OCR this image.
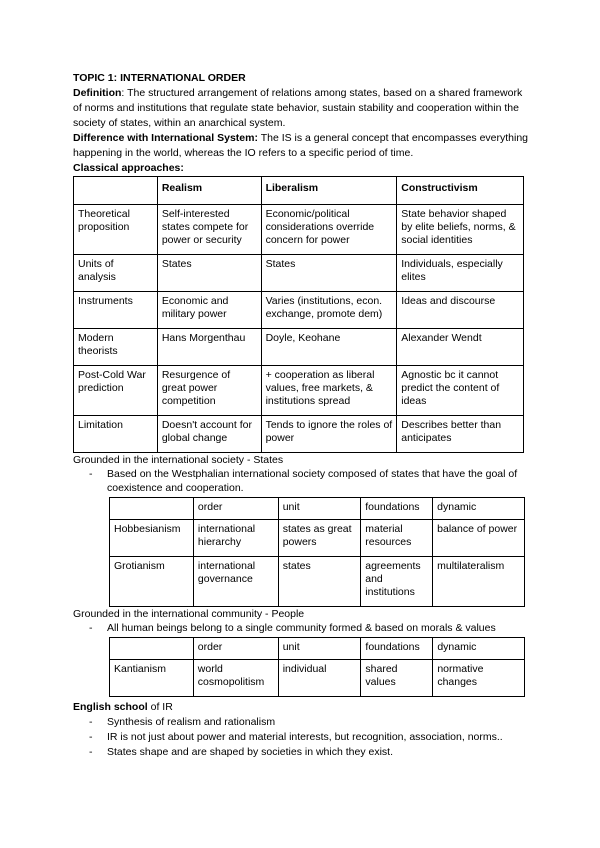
TOPIC 1: INTERNATIONAL ORDER

Definition: The structured arrangement of relations among states, based on a shared framework of norms and institutions that regulate state behavior, sustain stability and cooperation within the society of states, within an anarchical system.

Difference with International System: The IS is a general concept that encompasses everything happening in the world, whereas the IO refers to a specific period of time.

Classical approaches:

	Realism	Liberalism	Constructivism
Theoretical proposition	Self-interested states compete for power or security	Economic/political considerations override concern for power	State behavior shaped by elite beliefs, norms, & social identities
Units of analysis	States	States	Individuals, especially elites
Instruments	Economic and military power	Varies (institutions, econ. exchange, promote dem)	Ideas and discourse
Modern theorists	Hans Morgenthau	Doyle, Keohane	Alexander Wendt
Post-Cold War prediction	Resurgence of great power competition	+ cooperation as liberal values, free markets, & institutions spread	Agnostic bc it cannot predict the content of ideas
Limitation	Doesn't account for global change	Tends to ignore the roles of power	Describes better than anticipates

Grounded in the international society - States

- Based on the Westphalian international society composed of states that have the goal of coexistence and cooperation.
	order	unit	foundations	dynamic
Hobbesianism	international hierarchy	states as great powers	material resources	balance of power
Grotianism	international governance	states	agreements and institutions	multilateralism

Grounded in the international community - People

- All human beings belong to a single community formed & based on morals & values
	order	unit	foundations	dynamic
Kantianism	world cosmopolitism	individual	shared values	normative changes

English school of IR

- Synthesis of realism and rationalism
- IR is not just about power and material interests, but recognition, association, norms..
- States shape and are shaped by societies in which they exist.
